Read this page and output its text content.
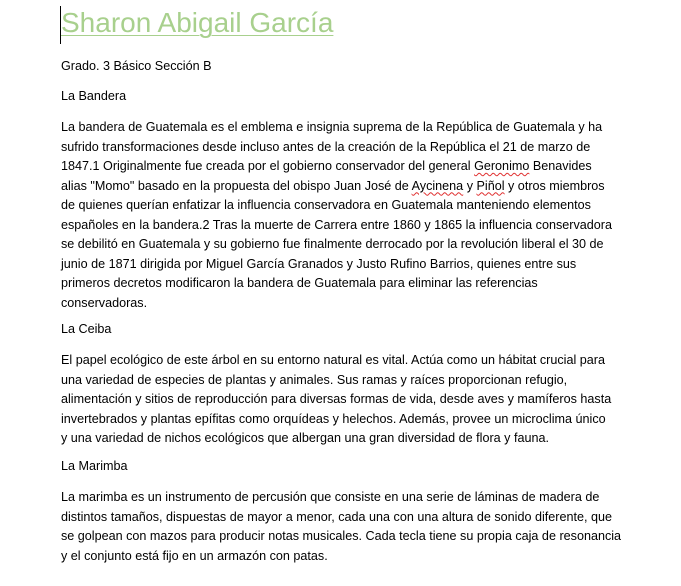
Sharon Abigail García
Grado. 3 Básico Sección B
La Bandera
La bandera de Guatemala es el emblema e insignia suprema de la República de Guatemala y ha
sufrido transformaciones desde incluso antes de la creación de la República el 21 de marzo de
1847.1 Originalmente fue creada por el gobierno conservador del general Geronimo Benavides
alias "Momo" basado en la propuesta del obispo Juan José de Aycinena y Piñol y otros miembros
de quienes querían enfatizar la influencia conservadora en Guatemala manteniendo elementos
españoles en la bandera.2 Tras la muerte de Carrera entre 1860 y 1865 la influencia conservadora
se debilitó en Guatemala y su gobierno fue finalmente derrocado por la revolución liberal el 30 de
junio de 1871 dirigida por Miguel García Granados y Justo Rufino Barrios, quienes entre sus
primeros decretos modificaron la bandera de Guatemala para eliminar las referencias
conservadoras.
La Ceiba
El papel ecológico de este árbol en su entorno natural es vital. Actúa como un hábitat crucial para
una variedad de especies de plantas y animales. Sus ramas y raíces proporcionan refugio,
alimentación y sitios de reproducción para diversas formas de vida, desde aves y mamíferos hasta
invertebrados y plantas epífitas como orquídeas y helechos. Además, provee un microclima único
y una variedad de nichos ecológicos que albergan una gran diversidad de flora y fauna.
La Marimba
La marimba es un instrumento de percusión que consiste en una serie de láminas de madera de
distintos tamaños, dispuestas de mayor a menor, cada una con una altura de sonido diferente, que
se golpean con mazos para producir notas musicales. Cada tecla tiene su propia caja de resonancia
y el conjunto está fijo en un armazón con patas.
